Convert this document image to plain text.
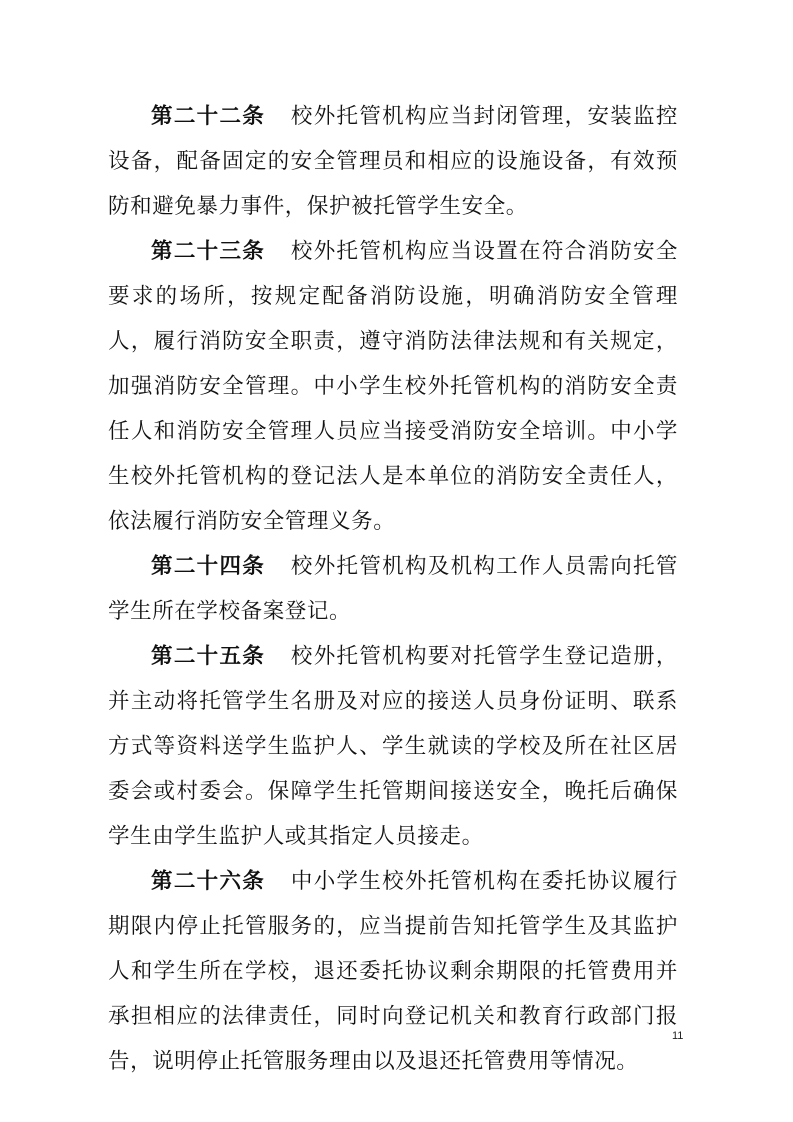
第二十二条 校外托管机构应当封闭管理，安装监控设备，配备固定的安全管理员和相应的设施设备，有效预防和避免暴力事件，保护被托管学生安全。

第二十三条 校外托管机构应当设置在符合消防安全要求的场所，按规定配备消防设施，明确消防安全管理人，履行消防安全职责，遵守消防法律法规和有关规定，加强消防安全管理。中小学生校外托管机构的消防安全责任人和消防安全管理人员应当接受消防安全培训。中小学生校外托管机构的登记法人是本单位的消防安全责任人，依法履行消防安全管理义务。

第二十四条 校外托管机构及机构工作人员需向托管学生所在学校备案登记。

第二十五条 校外托管机构要对托管学生登记造册，并主动将托管学生名册及对应的接送人员身份证明、联系方式等资料送学生监护人、学生就读的学校及所在社区居委会或村委会。保障学生托管期间接送安全，晚托后确保学生由学生监护人或其指定人员接走。

第二十六条 中小学生校外托管机构在委托协议履行期限内停止托管服务的，应当提前告知托管学生及其监护人和学生所在学校，退还委托协议剩余期限的托管费用并承担相应的法律责任，同时向登记机关和教育行政部门报告，说明停止托管服务理由以及退还托管费用等情况。

11
